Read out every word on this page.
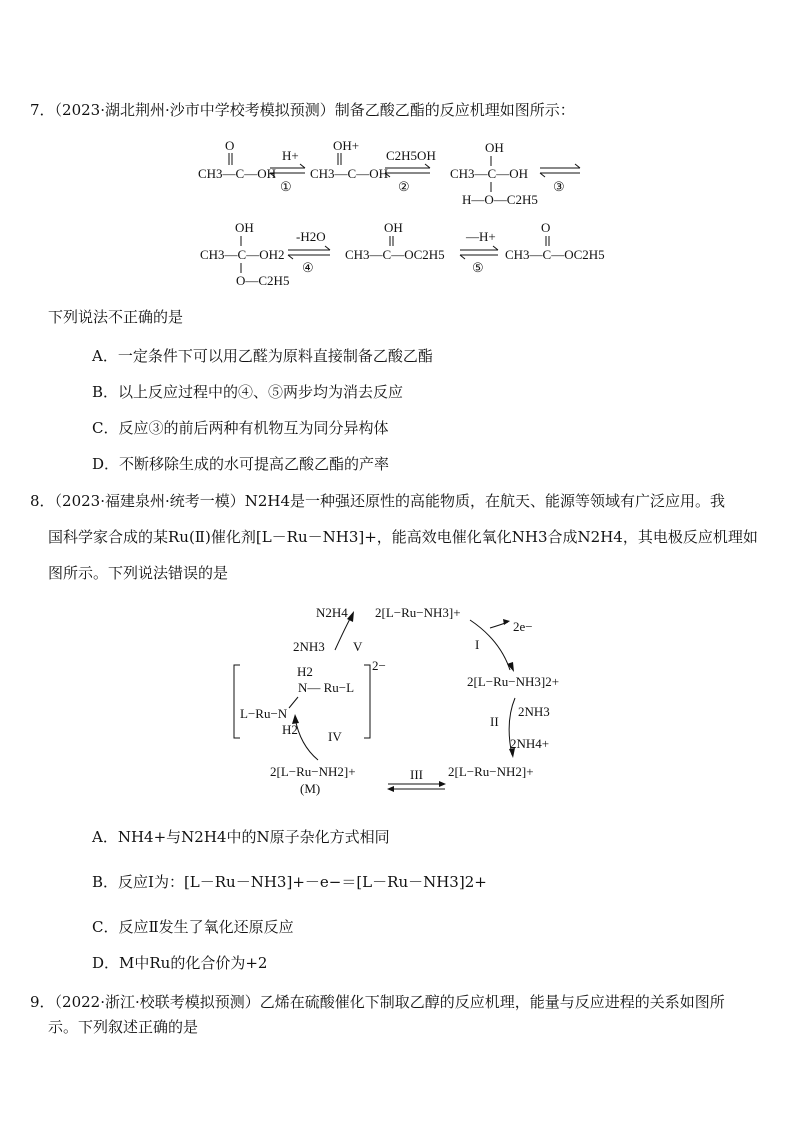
7．（2023·湖北荆州·沙市中学校考模拟预测）制备乙酸乙酯的反应机理如图所示：
O
CH3—C—OH
H+
①
OH+
CH3—C—OH
C2H5OH
②
OH
CH3—C—OH
H—O—C2H5
③
OH
CH3—C—OH2
O—C2H5
-H2O
④
OH
CH3—C—OC2H5
—H+
⑤
O
CH3—C—OC2H5
下列说法不正确的是
A．一定条件下可以用乙醛为原料直接制备乙酸乙酯
B．以上反应过程中的④、⑤两步均为消去反应
C．反应③的前后两种有机物互为同分异构体
D．不断移除生成的水可提高乙酸乙酯的产率
8．（2023·福建泉州·统考一模）N2H4是一种强还原性的高能物质，在航天、能源等领域有广泛应用。我
国科学家合成的某Ru(Ⅱ)催化剂[L－Ru－NH3]+，能高效电催化氧化NH3合成N2H4，其电极反应机理如
图所示。下列说法错误的是
2[L−Ru−NH3]+
N2H4
2e−
I
2[L−Ru−NH3]2+
2NH3
2NH4+
II
2[L−Ru−NH2]+
III
2[L−Ru−NH2]+
(M)
IV
2−
H2
N— Ru−L
L−Ru−N
H2
2NH3 V
A．NH4+与N2H4中的N原子杂化方式相同
B．反应Ⅰ为：[L－Ru－NH3]+－e−＝[L－Ru－NH3]2+
C．反应Ⅱ发生了氧化还原反应
D．M中Ru的化合价为+2
9．（2022·浙江·校联考模拟预测）乙烯在硫酸催化下制取乙醇的反应机理，能量与反应进程的关系如图所
示。下列叙述正确的是
